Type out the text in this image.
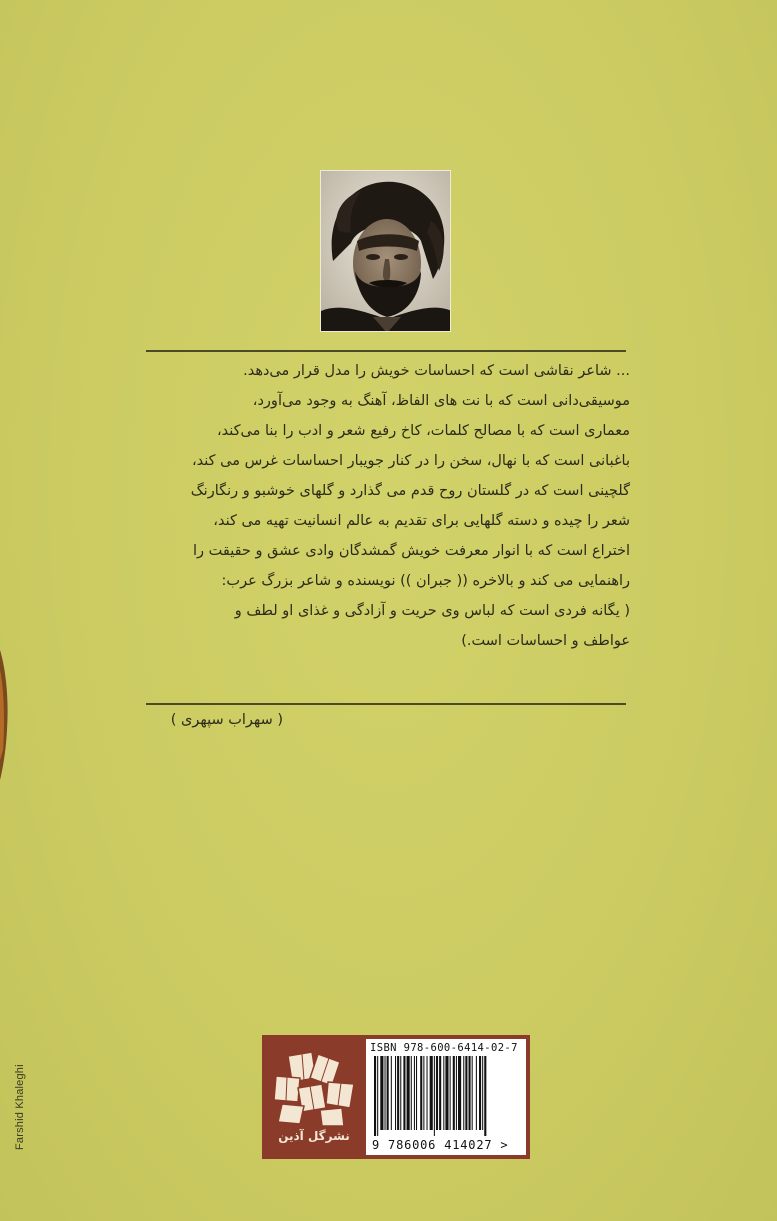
... شاعر نقاشی است که احساسات خویش را مدل قرار می‌دهد.
موسیقی‌دانی است که با نت های الفاظ، آهنگ به وجود می‌آورد،
معماری است که با مصالح کلمات، کاخ رفیع شعر و ادب را بنا می‌کند،
باغبانی است که با نهال، سخن را در کنار جویبار احساسات غرس می کند،
گلچینی است که در گلستان روح قدم می گذارد و گلهای خوشبو و رنگارنگ
شعر را چیده و دسته گلهایی برای تقدیم به عالم انسانیت تهیه می کند،
اختراع است که با انوار معرفت خویش گمشدگان وادی عشق و حقیقت را
راهنمایی می کند و بالاخره (( جبران )) نویسنده و شاعر بزرگ عرب:
( یگانه فردی است که لباس وی حریت و آزادگی و غذای او لطف و
عواطف و احساسات است.)
( سهراب سپهری )
Farshid Khaleghi	نشرگل آذین
ISBN 978-600-6414-02-7
9 786006 414027 >
